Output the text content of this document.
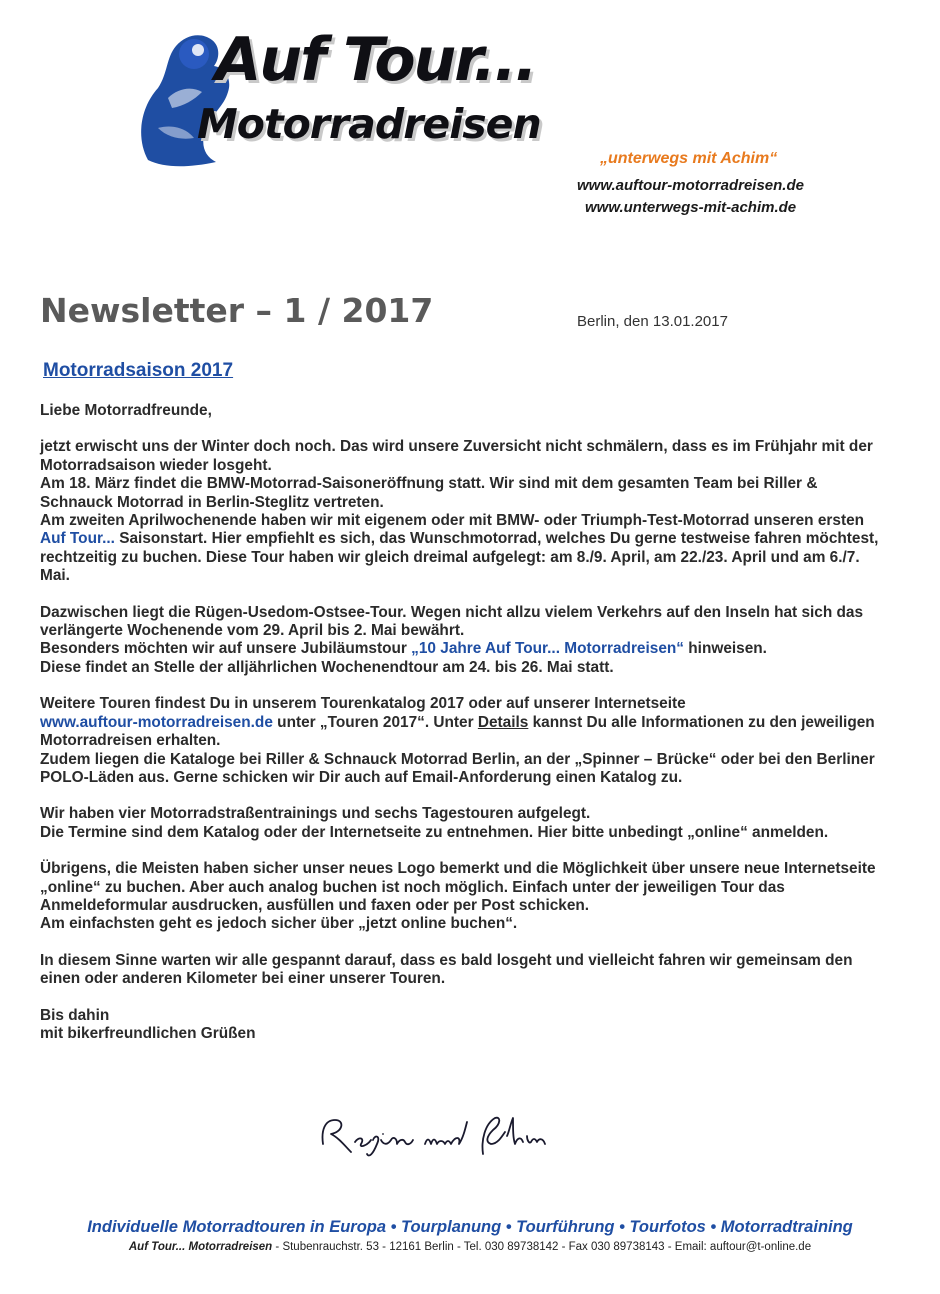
Auf Tour...
Motorradreisen
„unterwegs mit Achim“
www.auftour-motorradreisen.de
www.unterwegs-mit-achim.de
Newsletter – 1 / 2017	Berlin, den 13.01.2017
Motorradsaison 2017

Liebe Motorradfreunde,

jetzt erwischt uns der Winter doch noch. Das wird unsere Zuversicht nicht schmälern, dass es im Frühjahr mit der Motorradsaison wieder losgeht.

Am 18. März findet die BMW-Motorrad-Saisoneröffnung statt. Wir sind mit dem gesamten Team bei Riller & Schnauck Motorrad in Berlin-Steglitz vertreten.

Am zweiten Aprilwochenende haben wir mit eigenem oder mit BMW- oder Triumph-Test-Motorrad unseren ersten Auf Tour... Saisonstart. Hier empfiehlt es sich, das Wunschmotorrad, welches Du gerne testweise fahren möchtest, rechtzeitig zu buchen. Diese Tour haben wir gleich dreimal aufgelegt: am 8./9. April, am 22./23. April und am 6./7. Mai.

Dazwischen liegt die Rügen-Usedom-Ostsee-Tour. Wegen nicht allzu vielem Verkehrs auf den Inseln hat sich das verlängerte Wochenende vom 29. April bis 2. Mai bewährt.

Besonders möchten wir auf unsere Jubiläumstour „10 Jahre Auf Tour... Motorradreisen“ hinweisen.

Diese findet an Stelle der alljährlichen Wochenendtour am 24. bis 26. Mai statt.

Weitere Touren findest Du in unserem Tourenkatalog 2017 oder auf unserer Internetseite

www.auftour-motorradreisen.de unter „Touren 2017“. Unter Details kannst Du alle Informationen zu den jeweiligen Motorradreisen erhalten.

Zudem liegen die Kataloge bei Riller & Schnauck Motorrad Berlin, an der „Spinner – Brücke“ oder bei den Berliner POLO-Läden aus. Gerne schicken wir Dir auch auf Email-Anforderung einen Katalog zu.

Wir haben vier Motorradstraßentrainings und sechs Tagestouren aufgelegt.

Die Termine sind dem Katalog oder der Internetseite zu entnehmen. Hier bitte unbedingt „online“ anmelden.

Übrigens, die Meisten haben sicher unser neues Logo bemerkt und die Möglichkeit über unsere neue Internetseite „online“ zu buchen. Aber auch analog buchen ist noch möglich. Einfach unter der jeweiligen Tour das Anmeldeformular ausdrucken, ausfüllen und faxen oder per Post schicken.

Am einfachsten geht es jedoch sicher über „jetzt online buchen“.

In diesem Sinne warten wir alle gespannt darauf, dass es bald losgeht und vielleicht fahren wir gemeinsam den einen oder anderen Kilometer bei einer unserer Touren.

Bis dahin

mit bikerfreundlichen Grüßen

Individuelle Motorradtouren in Europa • Tourplanung • Tourführung • Tourfotos • Motorradtraining
Auf Tour... Motorradreisen - Stubenrauchstr. 53 - 12161 Berlin - Tel. 030 89738142 - Fax 030 89738143 - Email: auftour@t-online.de
